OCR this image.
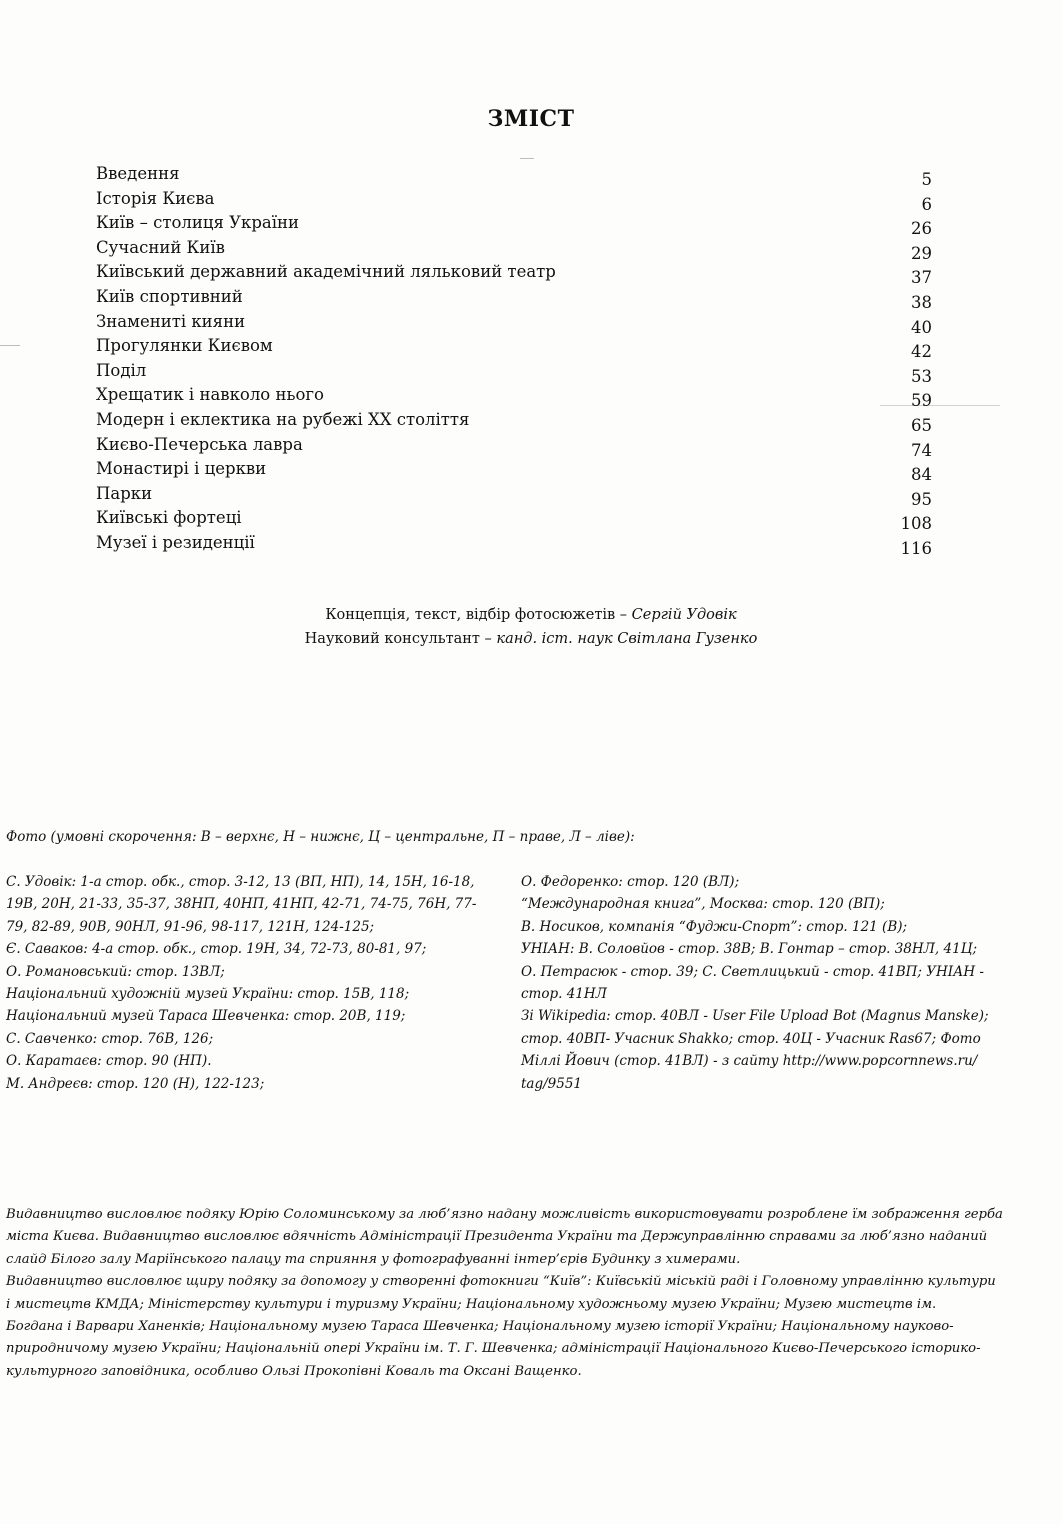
ЗМІСТ
Введення	5
Історія Києва	6
Київ – столиця України	26
Сучасний Київ	29
Київський державний академічний ляльковий театр	37
Київ спортивний	38
Знамениті кияни	40
Прогулянки Києвом	42
Поділ	53
Хрещатик і навколо нього	59
Модерн і еклектика на рубежі ХХ століття	65
Києво-Печерська лавра	74
Монастирі і церкви	84
Парки	95
Київські фортеці	108
Музеї і резиденції	116
Концепція, текст, відбір фотосюжетів – Сергій Удовік
Науковий консультант – канд. іст. наук Світлана Гузенко
Фото (умовні скорочення: В – верхнє, Н – нижнє, Ц – центральне, П – праве, Л – ліве):
С. Удовік: 1-а стор. обк., стор. 3-12, 13 (ВП, НП), 14, 15Н, 16-18,
19В, 20Н, 21-33, 35-37, 38НП, 40НП, 41НП, 42-71, 74-75, 76Н, 77-
79, 82-89, 90В, 90НЛ, 91-96, 98-117, 121Н, 124-125;
Є. Саваков: 4-а стор. обк., стор. 19Н, 34, 72-73, 80-81, 97;
О. Романовський: стор. 13ВЛ;
Національний художній музей України: стор. 15В, 118;
Національний музей Тараса Шевченка: стор. 20В, 119;
С. Савченко: стор. 76В, 126;
О. Каратаєв: стор. 90 (НП).
М. Андреєв: стор. 120 (Н), 122-123;
О. Федоренко: стор. 120 (ВЛ);
“Международная книга”, Москва: стор. 120 (ВП);
В. Носиков, компанія “Фуджи-Спорт”: стор. 121 (В);
УНІАН: В. Соловйов - стор. 38В; В. Гонтар – стор. 38НЛ, 41Ц;
О. Петрасюк - стор. 39; С. Светлицький - стор. 41ВП; УНІАН -
стор. 41НЛ
Зі Wikipedia: стор. 40ВЛ - User File Upload Bot (Magnus Manske);
стор. 40ВП- Учасник Shakko; стор. 40Ц - Учасник Ras67; Фото
Міллі Йович (стор. 41ВЛ) - з сайту http://www.popcornnews.ru/
tag/9551
Видавництво висловлює подяку Юрію Соломинському за люб’язно надану можливість використовувати розроблене їм зображення герба
міста Києва. Видавництво висловлює вдячність Адміністрації Президента України та Держуправлінню справами за люб’язно наданий
слайд Білого залу Маріїнського палацу та сприяння у фотографуванні інтер’єрів Будинку з химерами.
Видавництво висловлює щиру подяку за допомогу у створенні фотокниги “Київ”: Київській міській раді і Головному управлінню культури
і мистецтв КМДА; Міністерству культури і туризму України; Національному художньому музею України; Музею мистецтв ім.
Богдана і Варвари Ханенків; Національному музею Тараса Шевченка; Національному музею історії України; Національному науково-
природничому музею України; Національній опері України ім. Т. Г. Шевченка; адміністрації Національного Києво-Печерського історико-
культурного заповідника, особливо Ользі Прокопівні Коваль та Оксані Ващенко.
